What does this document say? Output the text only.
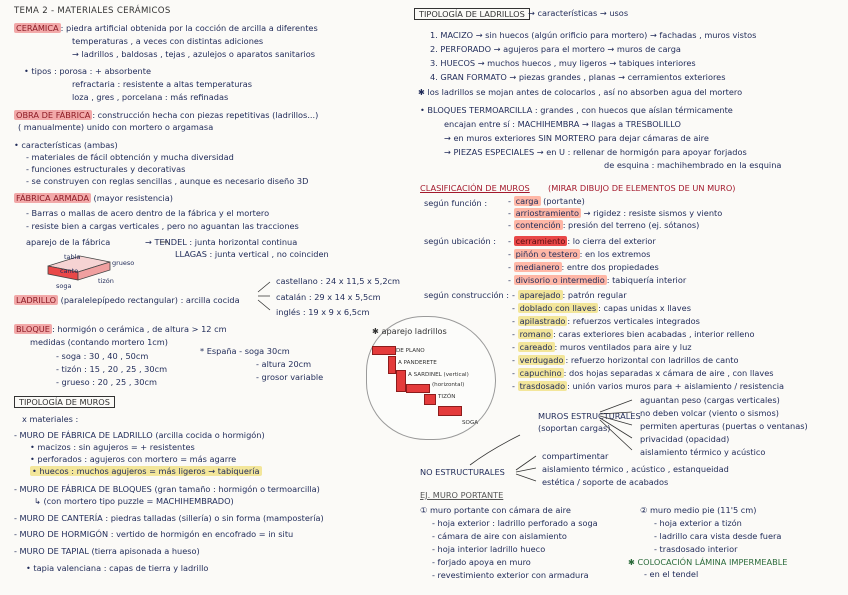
TEMA 2 - MATERIALES CERÁMICOS
CERÁMICA : piedra artificial obtenida por la cocción de arcilla a diferentes
temperaturas , a veces con distintas adiciones
→ ladrillos , baldosas , tejas , azulejos o aparatos sanitarios
• tipos : porosa : + absorbente
refractaria : resistente a altas temperaturas
loza , gres , porcelana : más refinadas
OBRA DE FÁBRICA : construcción hecha con piezas repetitivas (ladrillos...)
( manualmente) unido con mortero o argamasa
• características (ambas)
- materiales de fácil obtención y mucha diversidad
- funciones estructurales y decorativas
- se construyen con reglas sencillas , aunque es necesario diseño 3D
FÁBRICA ARMADA (mayor resistencia)
- Barras o mallas de acero dentro de la fábrica y el mortero
- resiste bien a cargas verticales , pero no aguantan las tracciones
aparejo de la fábrica	→ TENDEL : junta horizontal continua
LLAGAS : junta vertical , no coinciden
tabla
canto
grueso
soga
tizón
LADRILLO (paralelepípedo rectangular) : arcilla cocida
castellano : 24 x 11,5 x 5,2cm
catalán : 29 x 14 x 5,5cm
inglés : 19 x 9 x 6,5cm
BLOQUE : hormigón o cerámica , de altura > 12 cm
medidas (contando mortero 1cm)
- soga : 30 , 40 , 50cm
- tizón : 15 , 20 , 25 , 30cm
- grueso : 20 , 25 , 30cm
* España - soga 30cm
- altura 20cm
- grosor variable
TIPOLOGÍA DE MUROS
x materiales :
- MURO DE FÁBRICA DE LADRILLO (arcilla cocida o hormigón)
• macizos : sin agujeros = + resistentes
• perforados : agujeros con mortero = más agarre
• huecos : muchos agujeros = más ligeros → tabiquería
- MURO DE FÁBRICA DE BLOQUES (gran tamaño : hormigón o termoarcilla)
↳ (con mortero tipo puzzle = MACHIHEMBRADO)
- MURO DE CANTERÍA : piedras talladas (sillería) o sin forma (mampostería)
- MURO DE HORMIGÓN : vertido de hormigón en encofrado = in situ
- MURO DE TAPIAL (tierra apisonada a hueso)
• tapia valenciana : capas de tierra y ladrillo
✱ aparejo ladrillos
DE PLANO
A PANDERETE
A SARDINEL (vertical)
(horizontal)
TIZÓN
SOGA
TIPOLOGÍA DE LADRILLOS → características → usos
1. MACIZO → sin huecos (algún orificio para mortero) → fachadas , muros vistos
2. PERFORADO → agujeros para el mortero → muros de carga
3. HUECOS → muchos huecos , muy ligeros → tabiques interiores
4. GRAN FORMATO → piezas grandes , planas → cerramientos exteriores
✱ los ladrillos se mojan antes de colocarlos , así no absorben agua del mortero
• BLOQUES TERMOARCILLA : grandes , con huecos que aíslan térmicamente
encajan entre sí : MACHIHEMBRA → llagas a TRESBOLILLO
→ en muros exteriores SIN MORTERO para dejar cámaras de aire
→ PIEZAS ESPECIALES → en U : rellenar de hormigón para apoyar forjados
de esquina : machihembrado en la esquina
CLASIFICACIÓN DE MUROS (MIRAR DIBUJO DE ELEMENTOS DE UN MURO)
según función :	- carga (portante)
- arriostramiento → rigidez : resiste sismos y viento
- contención : presión del terreno (ej. sótanos)
según ubicación : - cerramiento : lo cierra del exterior
- piñón o testero : en los extremos
- medianero : entre dos propiedades
- divisorio o intermedio : tabiquería interior
según construcción : - aparejado : patrón regular
- doblado con llaves : capas unidas x llaves
- apilastrado : refuerzos verticales integrados
- romano : caras exteriores bien acabadas , interior relleno
- careado : muros ventilados para aire y luz
- verdugado : refuerzo horizontal con ladrillos de canto
- capuchino : dos hojas separadas x cámara de aire , con llaves
- trasdosado : unión varios muros para + aislamiento / resistencia
MUROS ESTRUCTURALES
(soportan cargas)
aguantan peso (cargas verticales)
no deben volcar (viento o sismos)
permiten aperturas (puertas o ventanas)
privacidad (opacidad)
aislamiento térmico y acústico
NO ESTRUCTURALES
compartimentar
aislamiento térmico , acústico , estanqueidad
estética / soporte de acabados
EJ. MURO PORTANTE
① muro portante con cámara de aire
- hoja exterior : ladrillo perforado a soga
- cámara de aire con aislamiento
- hoja interior ladrillo hueco
- forjado apoya en muro
- revestimiento exterior con armadura
② muro medio pie (11'5 cm)
- hoja exterior a tizón
- ladrillo cara vista desde fuera
- trasdosado interior
✱ COLOCACIÓN LÁMINA IMPERMEABLE
- en el tendel
